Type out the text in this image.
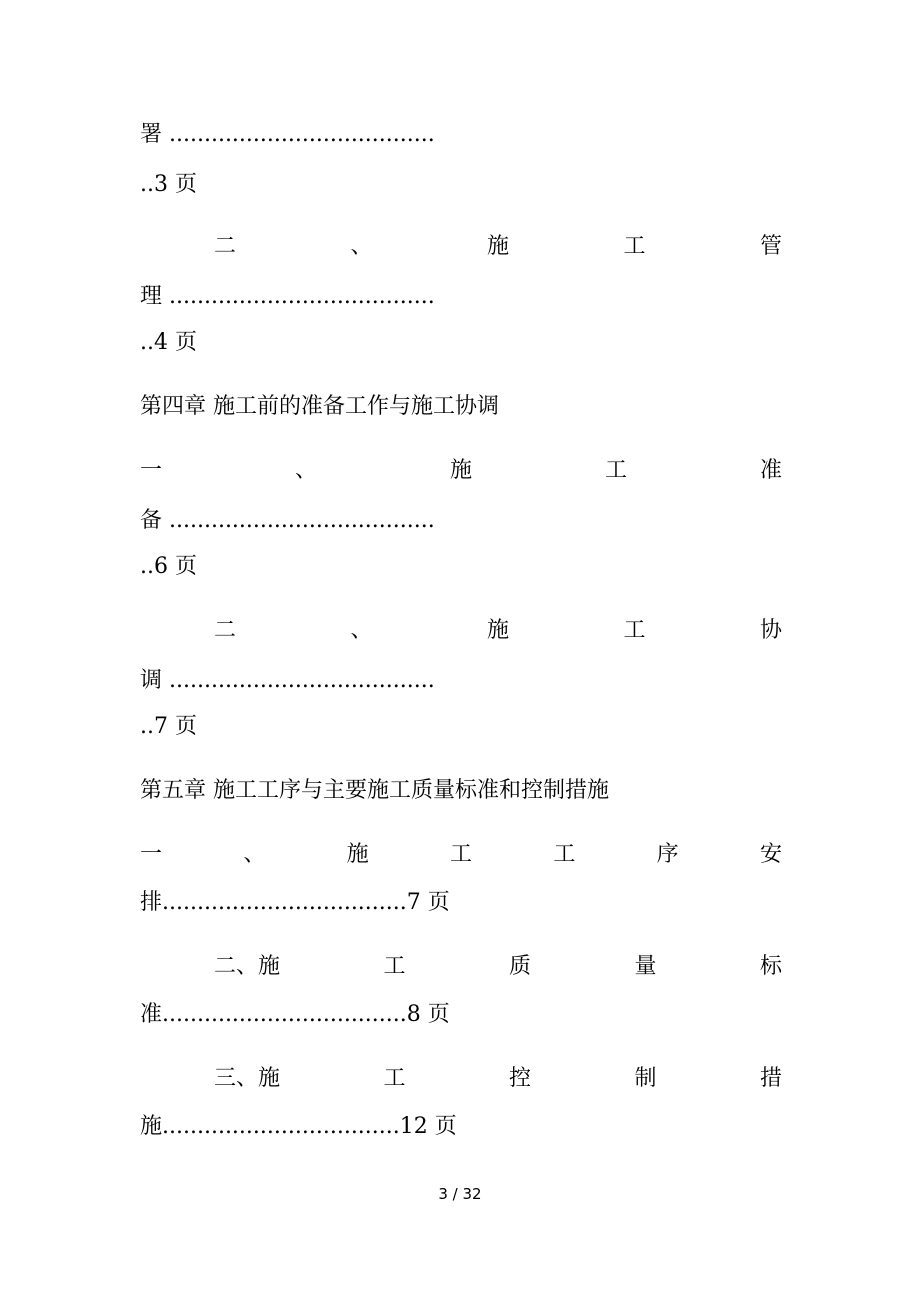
署 ......................................
..3 页
二	、	施	工	管
理 ......................................
..4 页
第四章 施工前的准备工作与施工协调
一	、	施	工	准
备 ......................................
..6 页
二	、	施	工	协
调 ......................................
..7 页
第五章 施工工序与主要施工质量标准和控制措施
一	、	施	工	工	序	安
排...................................7 页
二、施	工	质	量	标
准...................................8 页
三、施	工	控	制	措
施..................................12 页
3 / 32
